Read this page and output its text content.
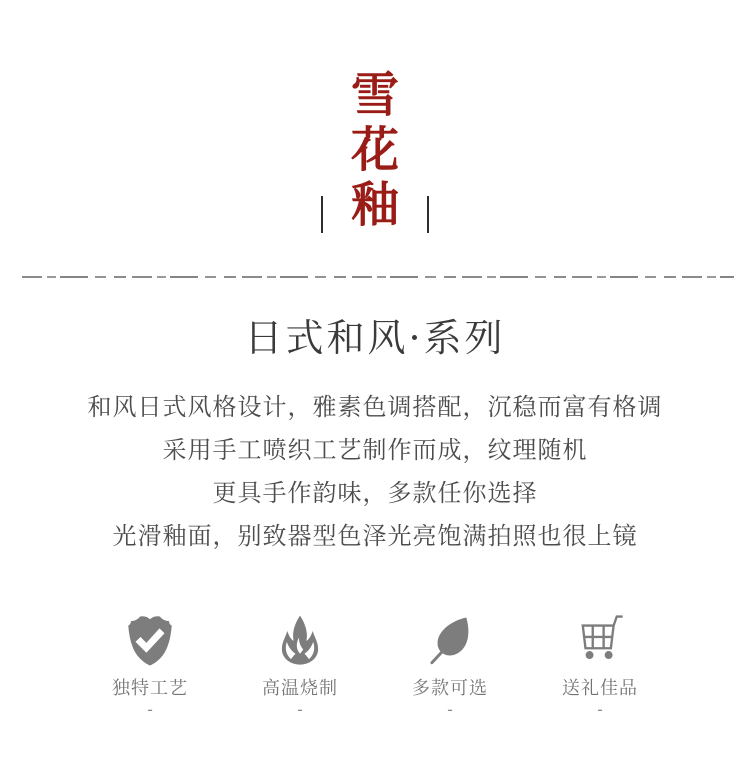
雪
花
釉
日式和风·系列
和风日式风格设计，雅素色调搭配，沉稳而富有格调
采用手工喷织工艺制作而成，纹理随机
更具手作韵味，多款任你选择
光滑釉面，别致器型色泽光亮饱满拍照也很上镜
独特工艺
-
高温烧制
-
多款可选
-
送礼佳品
-
